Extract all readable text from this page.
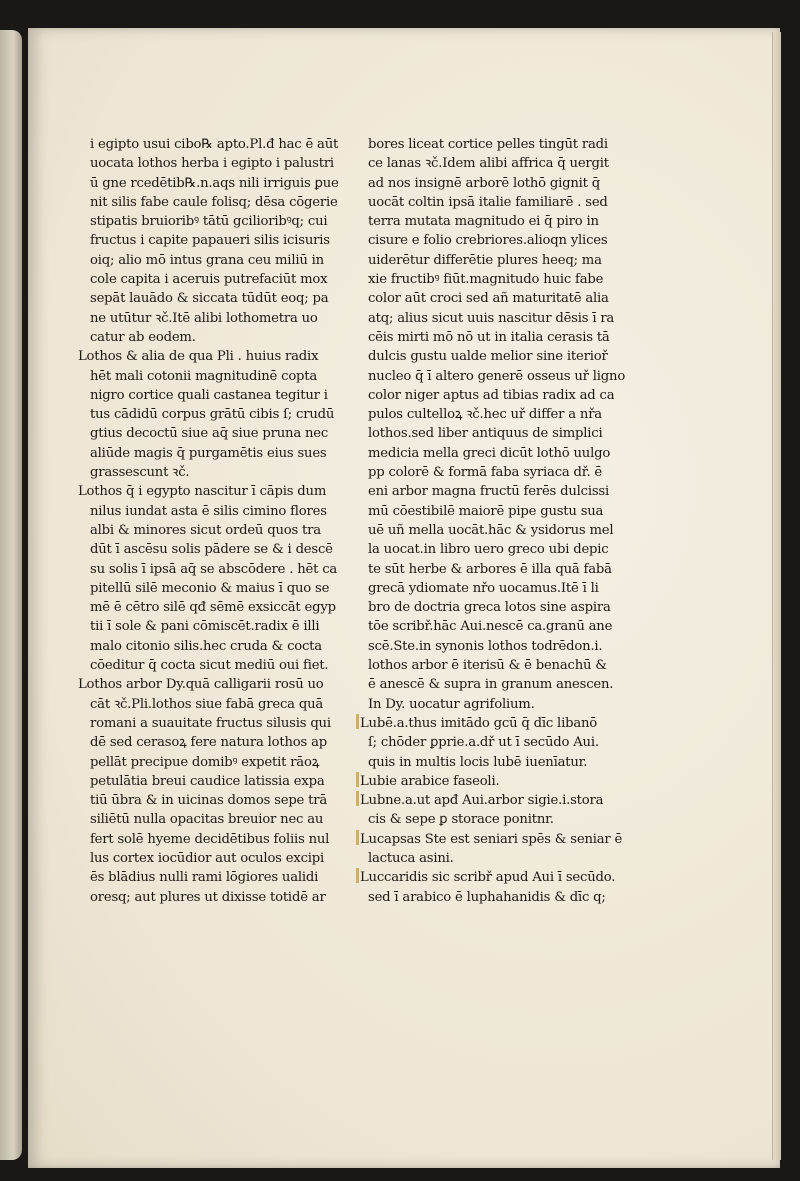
i egipto usui cibo℞ apto.Pl.đ hac ē aūt
uocata lothos herba i egipto i palustri
ū gne rcedētib℞.n.aqs nili irriguis ꝑue
nit silis fabe caule folisq; dēsa cōgerie
stipatis bruioribꝰ tātū gcilioribꝰq; cui
fructus i capite papaueri silis icisuris
oiq; alio mō intus grana ceu miliū in
cole capita i aceruis putrefaciūt mox
sepāt lauādo & siccata tūdūt eoq; pa
ne utūtur ꝛč.Itē alibi lothometra uo
catur ab eodem.
Lothos & alia de qua Pli . huius radix
hēt mali cotonii magnitudinē copta
nigro cortice quali castanea tegitur i
tus cādidū corpus grātū cibis ſ; crudū
gtius decoctū siue aq̄ siue pruna nec
aliūde magis q̄ purgamētis eius sues
grassescunt ꝛč.
Lothos q̄ i egypto nascitur ī cāpis dum
nilus iundat asta ē silis cimino flores
albi & minores sicut ordeū quos tra
dūt ī ascēsu solis pādere se & i descē
su solis ī ipsā aq̄ se abscōdere . hēt ca
pitellū silē meconio & maius ī quo se
mē ē cētro silē qđ sēmē exsiccāt egyp
tii ī sole & pani cōmiscēt.radix ē illi
malo citonio silis.hec cruda & cocta
cōeditur q̄ cocta sicut mediū oui fiet.
Lothos arbor Dy.quā calligarii rosū uo
cāt ꝛč.Pli.lothos siue fabā greca quā
romani a suauitate fructus silusis qui
dē sed cerasoꝝ fere natura lothos ap
pellāt precipue domibꝰ expetit rāoꝝ
petulātia breui caudice latissia expa
tiū ūbra & in uicinas domos sepe trā
siliētū nulla opacitas breuior nec au
fert solē hyeme decidētibus foliis nul
lus cortex iocūdior aut oculos excipi
ēs blādius nulli rami lōgiores ualidi
oresq; aut plures ut dixisse totidē ar
bores liceat cortice pelles tingūt radi
ce lanas ꝛč.Idem alibi affrica q̄ uergit
ad nos insignē arborē lothō gignit q̄
uocāt coltin ipsā italie familiarē . sed
terra mutata magnitudo ei q̄ piro in
cisure e folio crebriores.alioqn ylices
uiderētur differētie plures heeq; ma
xie fructibꝰ fiūt.magnitudo huic fabe
color aūt croci sed añ maturitatē alia
atq; alius sicut uuis nascitur dēsis ī ra
cēis mirti mō nō ut in italia cerasis tā
dulcis gustu ualde melior sine iterioř
nucleo q̄ ī altero generē osseus uř ligno
color niger aptus ad tibias radix ad ca
pulos cultelloꝝ ꝛč.hec uř differ a nřa
lothos.sed liber antiquus de simplici
medicia mella greci dicūt lothō uulgo
pp colorē & formā faba syriaca dř. ē
eni arbor magna fructū ferēs dulcissi
mū cōestibilē maiorē pipe gustu sua
uē uñ mella uocāt.hāc & ysidorus mel
la uocat.in libro uero greco ubi depic
te sūt herbe & arbores ē illa quā fabā
grecā ydiomate nřo uocamus.Itē ī li
bro de doctria greca lotos sine aspira
tōe scribř.hāc Aui.nescē ca.granū ane
scē.Ste.in synonis lothos todrēdon.i.
lothos arbor ē iterisū & ē benachū &
ē anescē & supra in granum anescen.
In Dy. uocatur agrifolium.
Lubē.a.thus imitādo gcū q̄ dīc libanō
ſ; chōder ꝑprie.a.dř ut ī secūdo Aui.
quis in multis locis lubē iuenīatur.
Lubie arabice faseoli.
Lubne.a.ut apđ Aui.arbor sigie.i.stora
cis & sepe ꝑ storace ponitnr.
Lucapsas Ste est seniari spēs & seniar ē
lactuca asini.
Luccaridis sic scribř apud Aui ī secūdo.
sed ī arabico ē luphahanidis & dīc q;
